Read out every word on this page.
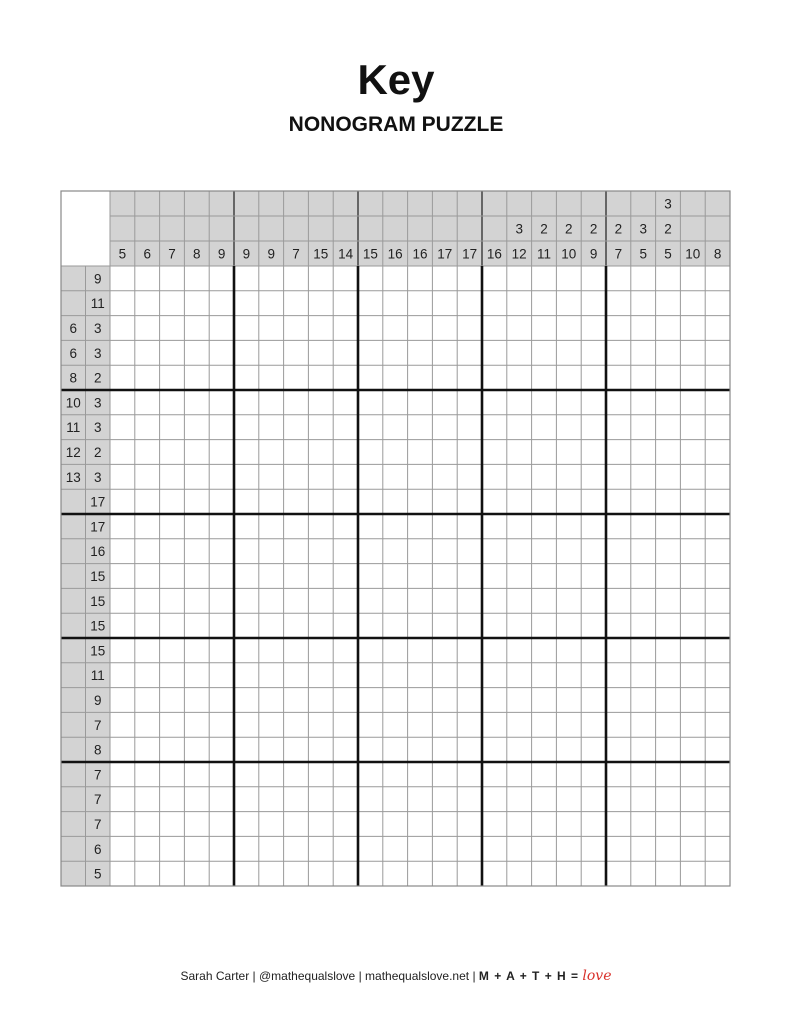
Key
NONOGRAM PUZZLE
5 6 7 8 9 9 9 7 15 14 15 16 16 17 17 16
3
12
2
11
2
10
2
9
2
7
3
5
3
2
5 10 8
9
11
6 3
6 3
8 2
10 3
11 3
12 2
13 3
17
17
16
15
15
15
15
11
9
7
8
7
7
7
6
5
Sarah Carter | @mathequalslove | mathequalslove.net | M + A + T + H = love
